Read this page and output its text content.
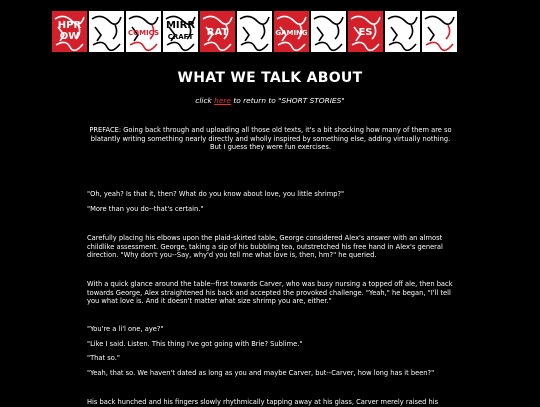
HPR
OW	COMICS
MIRR
CRAFT RAT	GAMING	ES
WHAT WE TALK ABOUT
click here to return to "SHORT STORIES"

PREFACE: Going back through and uploading all those old texts, it's a bit shocking how many of them are so blatantly writing something nearly directly and wholly inspired by something else, adding virtually nothing. But I guess they were fun exercises.

"Oh, yeah? Is that it, then? What do you know about love, you little shrimp?"

"More than you do--that's certain."

Carefully placing his elbows upon the plaid-skirted table, George considered Alex's answer with an almost childlike assessment. George, taking a sip of his bubbling tea, outstretched his free hand in Alex's general direction. "Why don't you--Say, why'd you tell me what love is, then, hm?" he queried.

With a quick glance around the table--first towards Carver, who was busy nursing a topped off ale, then back towards George, Alex straightened his back and accepted the provoked challenge. "Yeah," he began, "I'll tell you what love is. And it doesn't matter what size shrimp you are, either."

"You're a li'l one, aye?"

"Like I said. Listen. This thing I've got going with Brie? Sublime."

"That so."

"Yeah, that so. We haven't dated as long as you and maybe Carver, but--Carver, how long has it been?"

His back hunched and his fingers slowly rhythmically tapping away at his glass, Carver merely raised his
